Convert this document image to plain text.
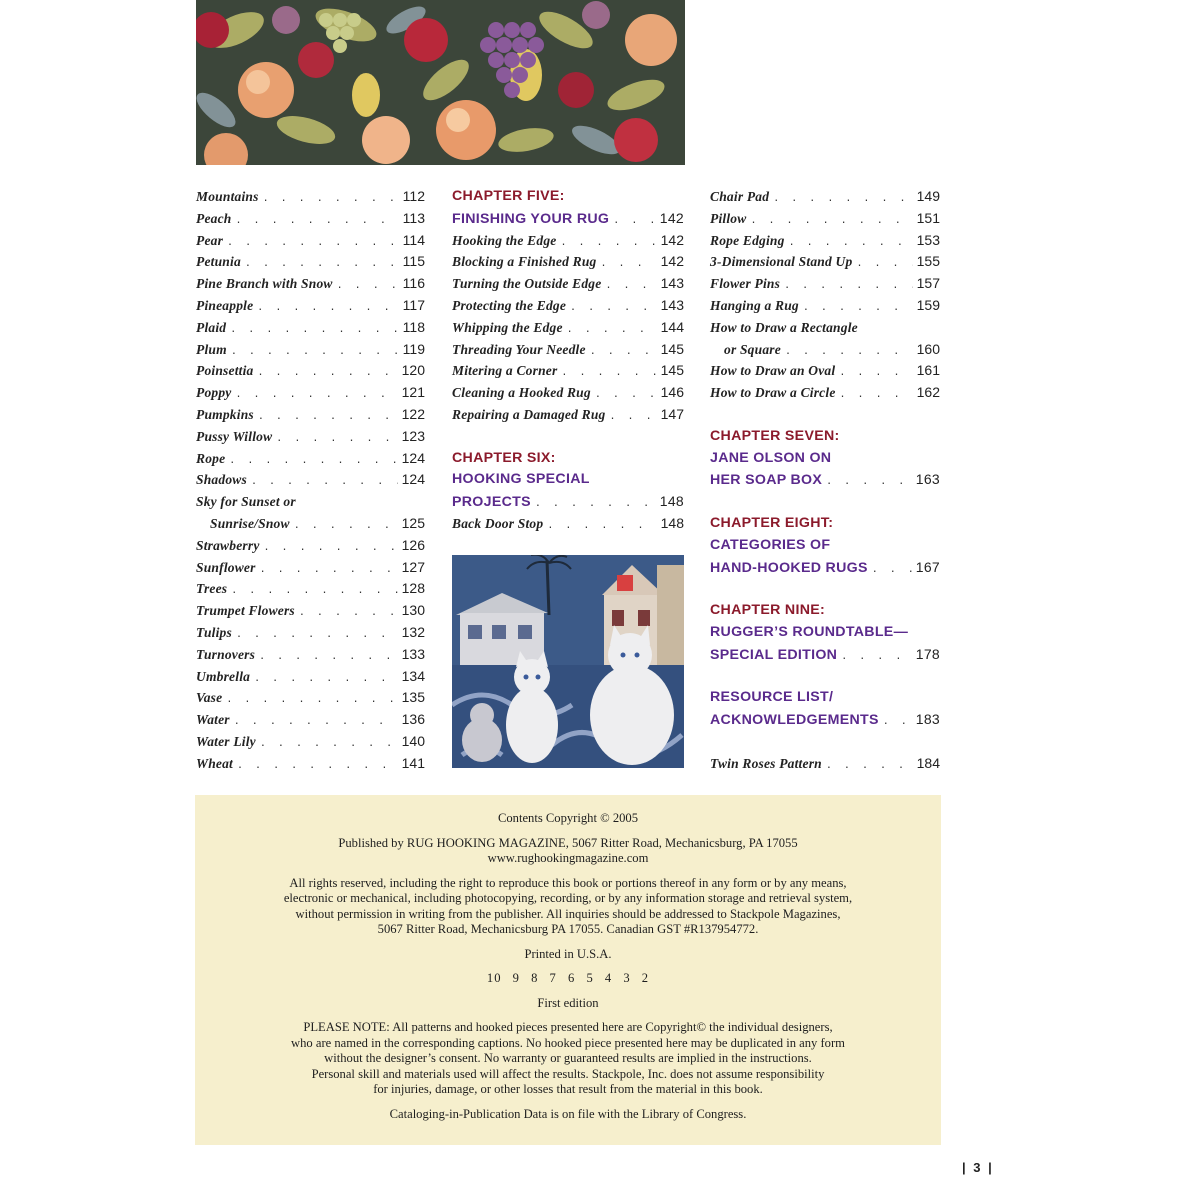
Mountains . . .	112
Peach . . .	113
Pear . . .	114
Petunia . . .	115
Pine Branch with Snow . . .	116
Pineapple . . .	117
Plaid . . .	118
Plum . . .	119
Poinsettia . . .	120
Poppy . . .	121
Pumpkins . . .	122
Pussy Willow . . .	123
Rope . . .	124
Shadows . . .	124
Sky for Sunset or
Sunrise/Snow . . .	125
Strawberry . . .	126
Sunflower . . .	127
Trees . . .	128
Trumpet Flowers . . .	130
Tulips . . .	132
Turnovers . . .	133
Umbrella . . .	134
Vase . . .	135
Water . . .	136
Water Lily . . .	140
Wheat . . .	141
CHAPTER FIVE:
FINISHING YOUR RUG . . .	142
Hooking the Edge . . .	142
Blocking a Finished Rug . . .	142
Turning the Outside Edge . . .	143
Protecting the Edge . . .	143
Whipping the Edge . . .	144
Threading Your Needle . . .	145
Mitering a Corner . . .	145
Cleaning a Hooked Rug . . .	146
Repairing a Damaged Rug . . .	147
CHAPTER SIX:
HOOKING SPECIAL
PROJECTS . . .	148
Back Door Stop . . .	148
Chair Pad . . .	149
Pillow . . .	151
Rope Edging . . .	153
3-Dimensional Stand Up . . .	155
Flower Pins . . .	157
Hanging a Rug . . .	159
How to Draw a Rectangle
or Square . . .	160
How to Draw an Oval . . .	161
How to Draw a Circle . . .	162
CHAPTER SEVEN:
JANE OLSON ON
HER SOAP BOX . . .	163
CHAPTER EIGHT:
CATEGORIES OF
HAND-HOOKED RUGS . . .	167
CHAPTER NINE:
RUGGER’S ROUNDTABLE—
SPECIAL EDITION . . .	178
RESOURCE LIST/
ACKNOWLEDGEMENTS . . .	183
Twin Roses Pattern . . .	184

Contents Copyright © 2005

Published by RUG HOOKING MAGAZINE, 5067 Ritter Road, Mechanicsburg, PA 17055

www.rughookingmagazine.com

All rights reserved, including the right to reproduce this book or portions thereof in any form or by any means,

electronic or mechanical, including photocopying, recording, or by any information storage and retrieval system,

without permission in writing from the publisher. All inquiries should be addressed to Stackpole Magazines,

5067 Ritter Road, Mechanicsburg PA 17055. Canadian GST #R137954772.

Printed in U.S.A.

10 9 8 7 6 5 4 3 2

First edition

PLEASE NOTE: All patterns and hooked pieces presented here are Copyright© the individual designers,

who are named in the corresponding captions. No hooked piece presented here may be duplicated in any form

without the designer’s consent. No warranty or guaranteed results are implied in the instructions.

Personal skill and materials used will affect the results. Stackpole, Inc. does not assume responsibility

for injuries, damage, or other losses that result from the material in this book.

Cataloging-in-Publication Data is on file with the Library of Congress.

| 3 |
